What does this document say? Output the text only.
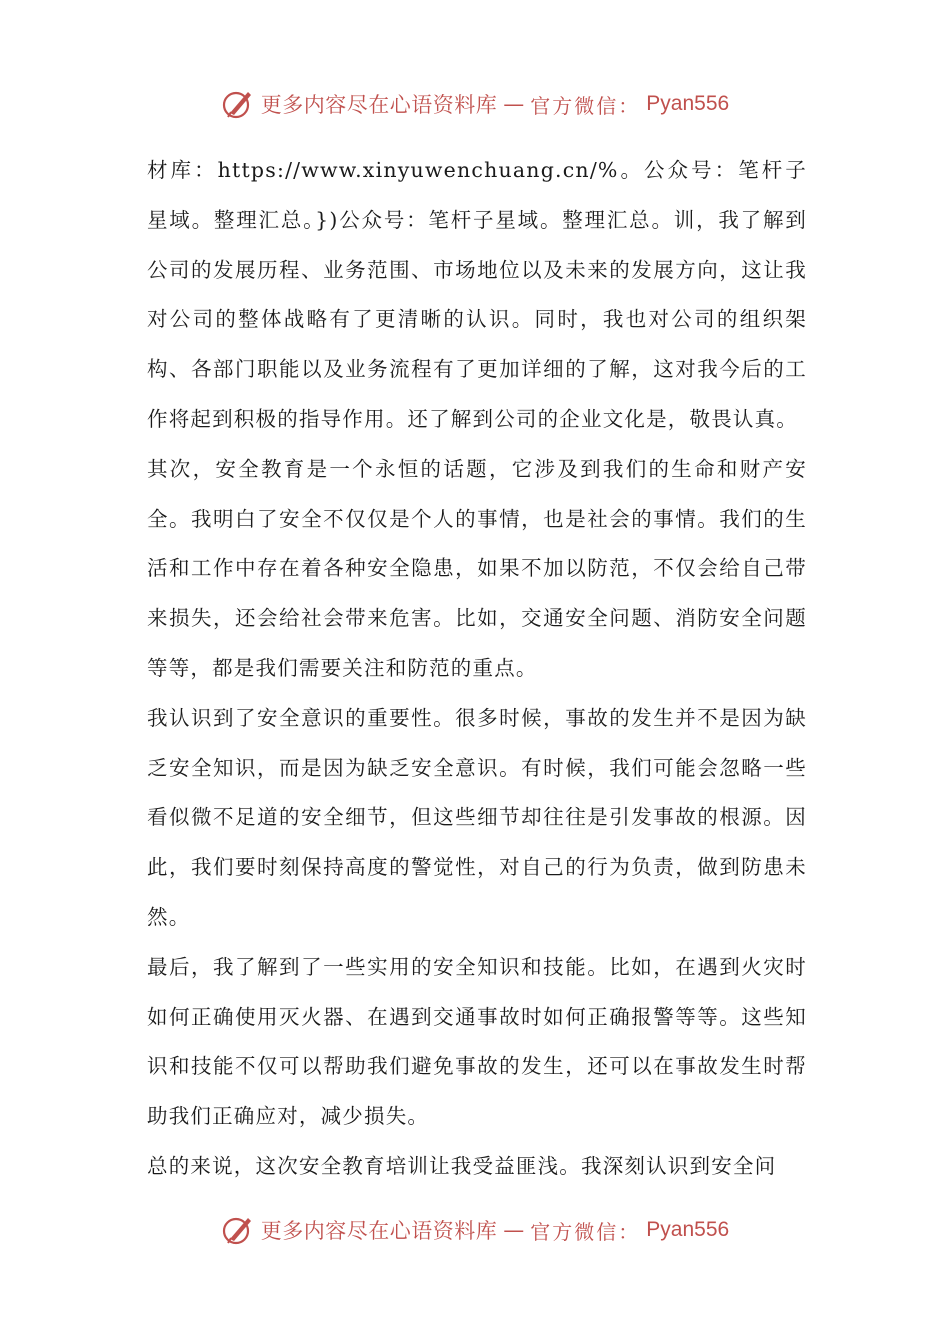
更多内容尽在心语资料库 — 官方微信： Pyan556

材库：https://www.xinyuwenchuang.cn/%。公众号：笔杆子星域。整理汇总。})公众号：笔杆子星域。整理汇总。训，我了解到公司的发展历程、业务范围、市场地位以及未来的发展方向，这让我对公司的整体战略有了更清晰的认识。同时，我也对公司的组织架构、各部门职能以及业务流程有了更加详细的了解，这对我今后的工作将起到积极的指导作用。还了解到公司的企业文化是，敬畏认真。

其次，安全教育是一个永恒的话题，它涉及到我们的生命和财产安全。我明白了安全不仅仅是个人的事情，也是社会的事情。我们的生活和工作中存在着各种安全隐患，如果不加以防范，不仅会给自己带来损失，还会给社会带来危害。比如，交通安全问题、消防安全问题等等，都是我们需要关注和防范的重点。

我认识到了安全意识的重要性。很多时候，事故的发生并不是因为缺乏安全知识，而是因为缺乏安全意识。有时候，我们可能会忽略一些看似微不足道的安全细节，但这些细节却往往是引发事故的根源。因此，我们要时刻保持高度的警觉性，对自己的行为负责，做到防患未然。

最后，我了解到了一些实用的安全知识和技能。比如，在遇到火灾时如何正确使用灭火器、在遇到交通事故时如何正确报警等等。这些知识和技能不仅可以帮助我们避免事故的发生，还可以在事故发生时帮助我们正确应对，减少损失。

总的来说，这次安全教育培训让我受益匪浅。我深刻认识到安全问

更多内容尽在心语资料库 — 官方微信： Pyan556
